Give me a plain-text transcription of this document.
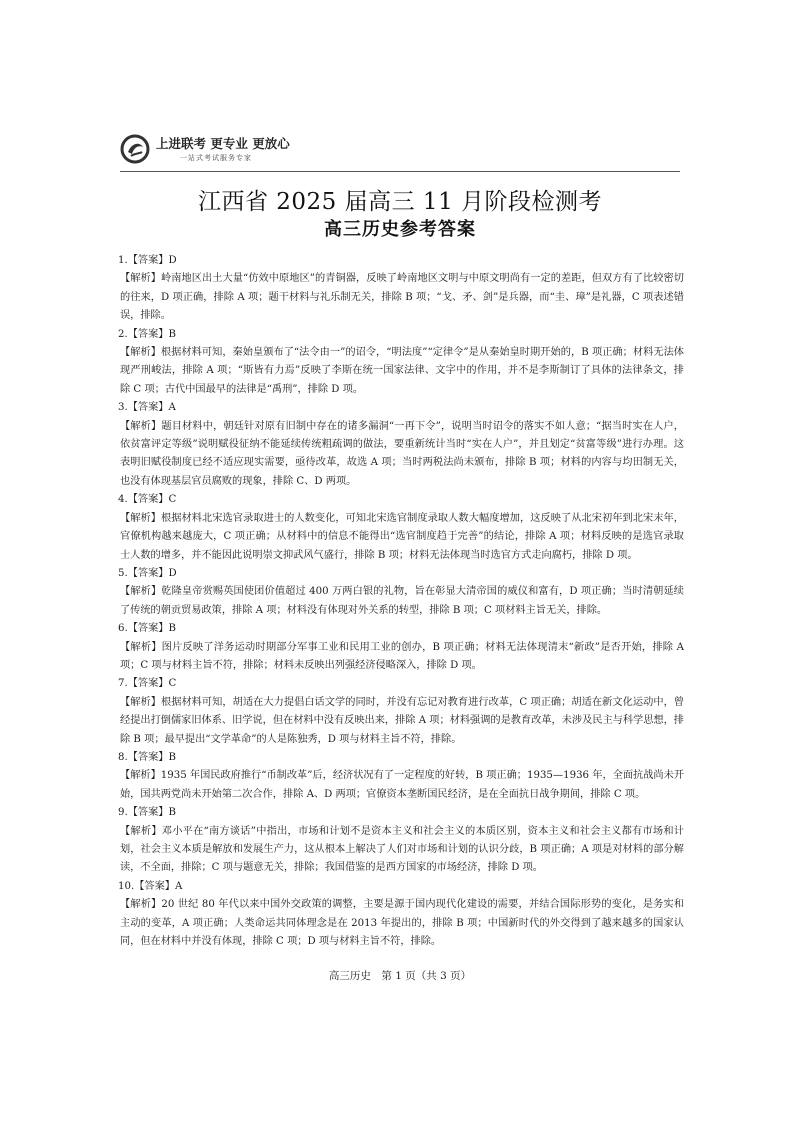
上进联考 更专业 更放心
一站式考试服务专家
江西省 2025 届高三 11 月阶段检测考
高三历史参考答案

1.【答案】D

【解析】岭南地区出土大量“仿效中原地区”的青铜器，反映了岭南地区文明与中原文明尚有一定的差距，但双方有了比较密切的往来，D 项正确，排除 A 项；题干材料与礼乐制无关，排除 B 项；“戈、矛、剑”是兵器，而“圭、璋”是礼器，C 项表述错误，排除。

2.【答案】B

【解析】根据材料可知，秦始皇颁布了“法令由一”的诏令，“明法度”“定律令”是从秦始皇时期开始的，B 项正确；材料无法体现严刑峻法，排除 A 项；“斯皆有力焉”反映了李斯在统一国家法律、文字中的作用，并不是李斯制订了具体的法律条文，排除 C 项；古代中国最早的法律是“禹刑”，排除 D 项。

3.【答案】A

【解析】题目材料中，朝廷针对原有旧制中存在的诸多漏洞“一再下令”，说明当时诏令的落实不如人意；“据当时实在人户，依贫富评定等级”说明赋役征纳不能延续传统粗疏调的做法，要重新统计当时“实在人户”，并且划定“贫富等级”进行办理。这表明旧赋役制度已经不适应现实需要，亟待改革，故选 A 项；当时两税法尚未颁布，排除 B 项；材料的内容与均田制无关，也没有体现基层官员腐败的现象，排除 C、D 两项。

4.【答案】C

【解析】根据材料北宋选官录取进士的人数变化，可知北宋选官制度录取人数大幅度增加，这反映了从北宋初年到北宋末年，官僚机构越来越庞大，C 项正确；从材料中的信息不能得出“选官制度趋于完善”的结论，排除 A 项；材料反映的是选官录取士人数的增多，并不能因此说明崇文抑武风气盛行，排除 B 项；材料无法体现当时选官方式走向腐朽，排除 D 项。

5.【答案】D

【解析】乾隆皇帝赏赐英国使团价值超过 400 万两白银的礼物，旨在彰显大清帝国的威仪和富有，D 项正确；当时清朝延续了传统的朝贡贸易政策，排除 A 项；材料没有体现对外关系的转型，排除 B 项；C 项材料主旨无关，排除。

6.【答案】B

【解析】图片反映了洋务运动时期部分军事工业和民用工业的创办，B 项正确；材料无法体现清末“新政”是否开始，排除 A 项；C 项与材料主旨不符，排除；材料未反映出列强经济侵略深入，排除 D 项。

7.【答案】C

【解析】根据材料可知，胡适在大力提倡白话文学的同时，并没有忘记对教育进行改革，C 项正确；胡适在新文化运动中，曾经提出打倒儒家旧体系、旧学说，但在材料中没有反映出来，排除 A 项；材料强调的是教育改革，未涉及民主与科学思想，排除 B 项；最早提出“文学革命”的人是陈独秀，D 项与材料主旨不符，排除。

8.【答案】B

【解析】1935 年国民政府推行“币制改革”后，经济状况有了一定程度的好转，B 项正确；1935—1936 年，全面抗战尚未开始，国共两党尚未开始第二次合作，排除 A、D 两项；官僚资本垄断国民经济，是在全面抗日战争期间，排除 C 项。

9.【答案】B

【解析】邓小平在“南方谈话”中指出，市场和计划不是资本主义和社会主义的本质区别，资本主义和社会主义都有市场和计划，社会主义本质是解放和发展生产力，这从根本上解决了人们对市场和计划的认识分歧，B 项正确；A 项是对材料的部分解读，不全面，排除；C 项与题意无关，排除；我国借鉴的是西方国家的市场经济，排除 D 项。

10.【答案】A

【解析】20 世纪 80 年代以来中国外交政策的调整，主要是源于国内现代化建设的需要，并结合国际形势的变化，是务实和主动的变革，A 项正确；人类命运共同体理念是在 2013 年提出的，排除 B 项；中国新时代的外交得到了越来越多的国家认同，但在材料中并没有体现，排除 C 项；D 项与材料主旨不符，排除。

高三历史　第 1 页（共 3 页）
